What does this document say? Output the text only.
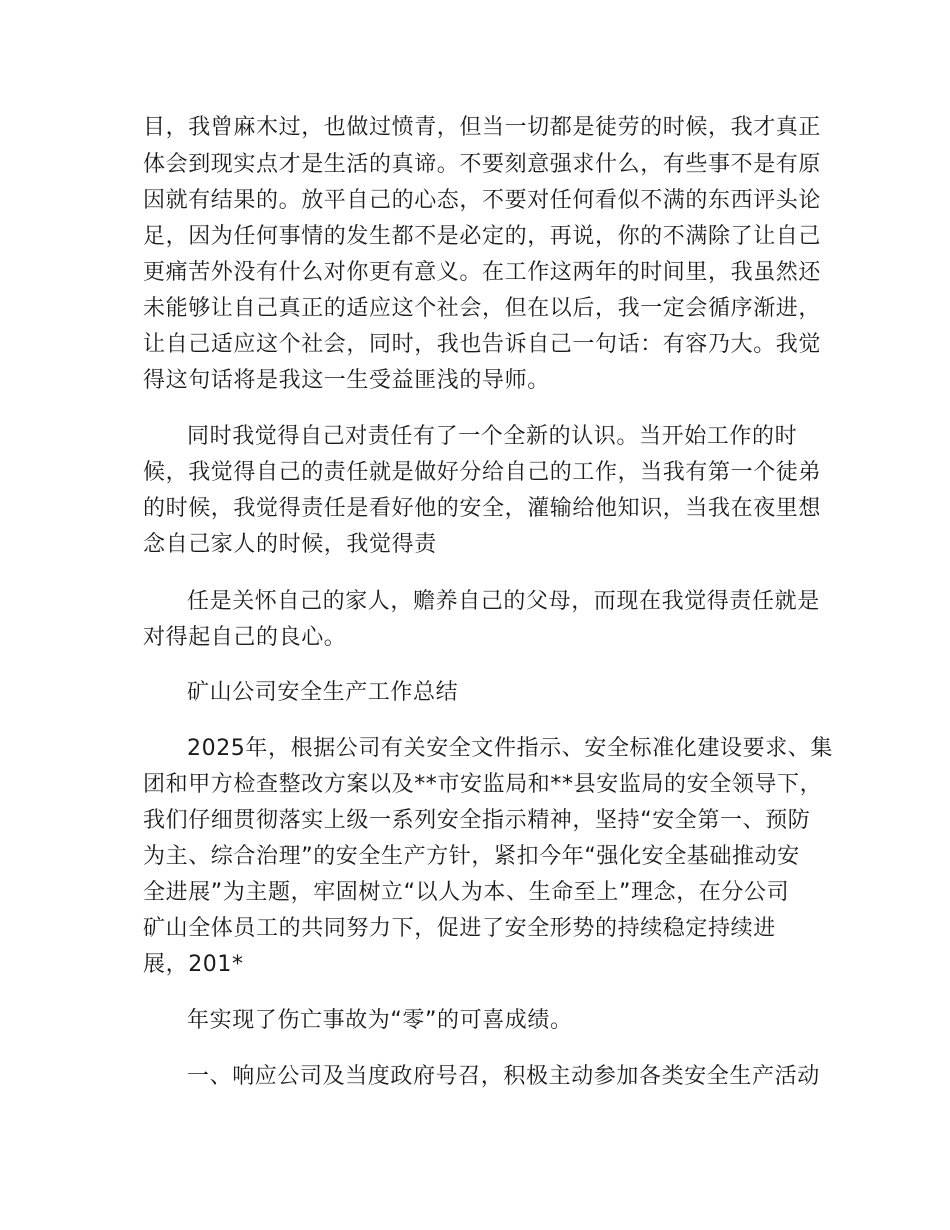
目，我曾麻木过，也做过愤青，但当一切都是徒劳的时候，我才真正
体会到现实点才是生活的真谛。不要刻意强求什么，有些事不是有原
因就有结果的。放平自己的心态，不要对任何看似不满的东西评头论
足，因为任何事情的发生都不是必定的，再说，你的不满除了让自己
更痛苦外没有什么对你更有意义。在工作这两年的时间里，我虽然还
未能够让自己真正的适应这个社会，但在以后，我一定会循序渐进，
让自己适应这个社会，同时，我也告诉自己一句话：有容乃大。我觉
得这句话将是我这一生受益匪浅的导师。
同时我觉得自己对责任有了一个全新的认识。当开始工作的时
候，我觉得自己的责任就是做好分给自己的工作，当我有第一个徒弟
的时候，我觉得责任是看好他的安全，灌输给他知识，当我在夜里想
念自己家人的时候，我觉得责
任是关怀自己的家人，赡养自己的父母，而现在我觉得责任就是
对得起自己的良心。
矿山公司安全生产工作总结
2025年，根据公司有关安全文件指示、安全标准化建设要求、集
团和甲方检查整改方案以及**市安监局和**县安监局的安全领导下，
我们仔细贯彻落实上级一系列安全指示精神，坚持“安全第一、预防
为主、综合治理”的安全生产方针，紧扣今年“强化安全基础推动安
全进展”为主题，牢固树立“以人为本、生命至上”理念，在分公司
矿山全体员工的共同努力下，促进了安全形势的持续稳定持续进
展，201*
年实现了伤亡事故为“零”的可喜成绩。
一、响应公司及当度政府号召，积极主动参加各类安全生产活动
